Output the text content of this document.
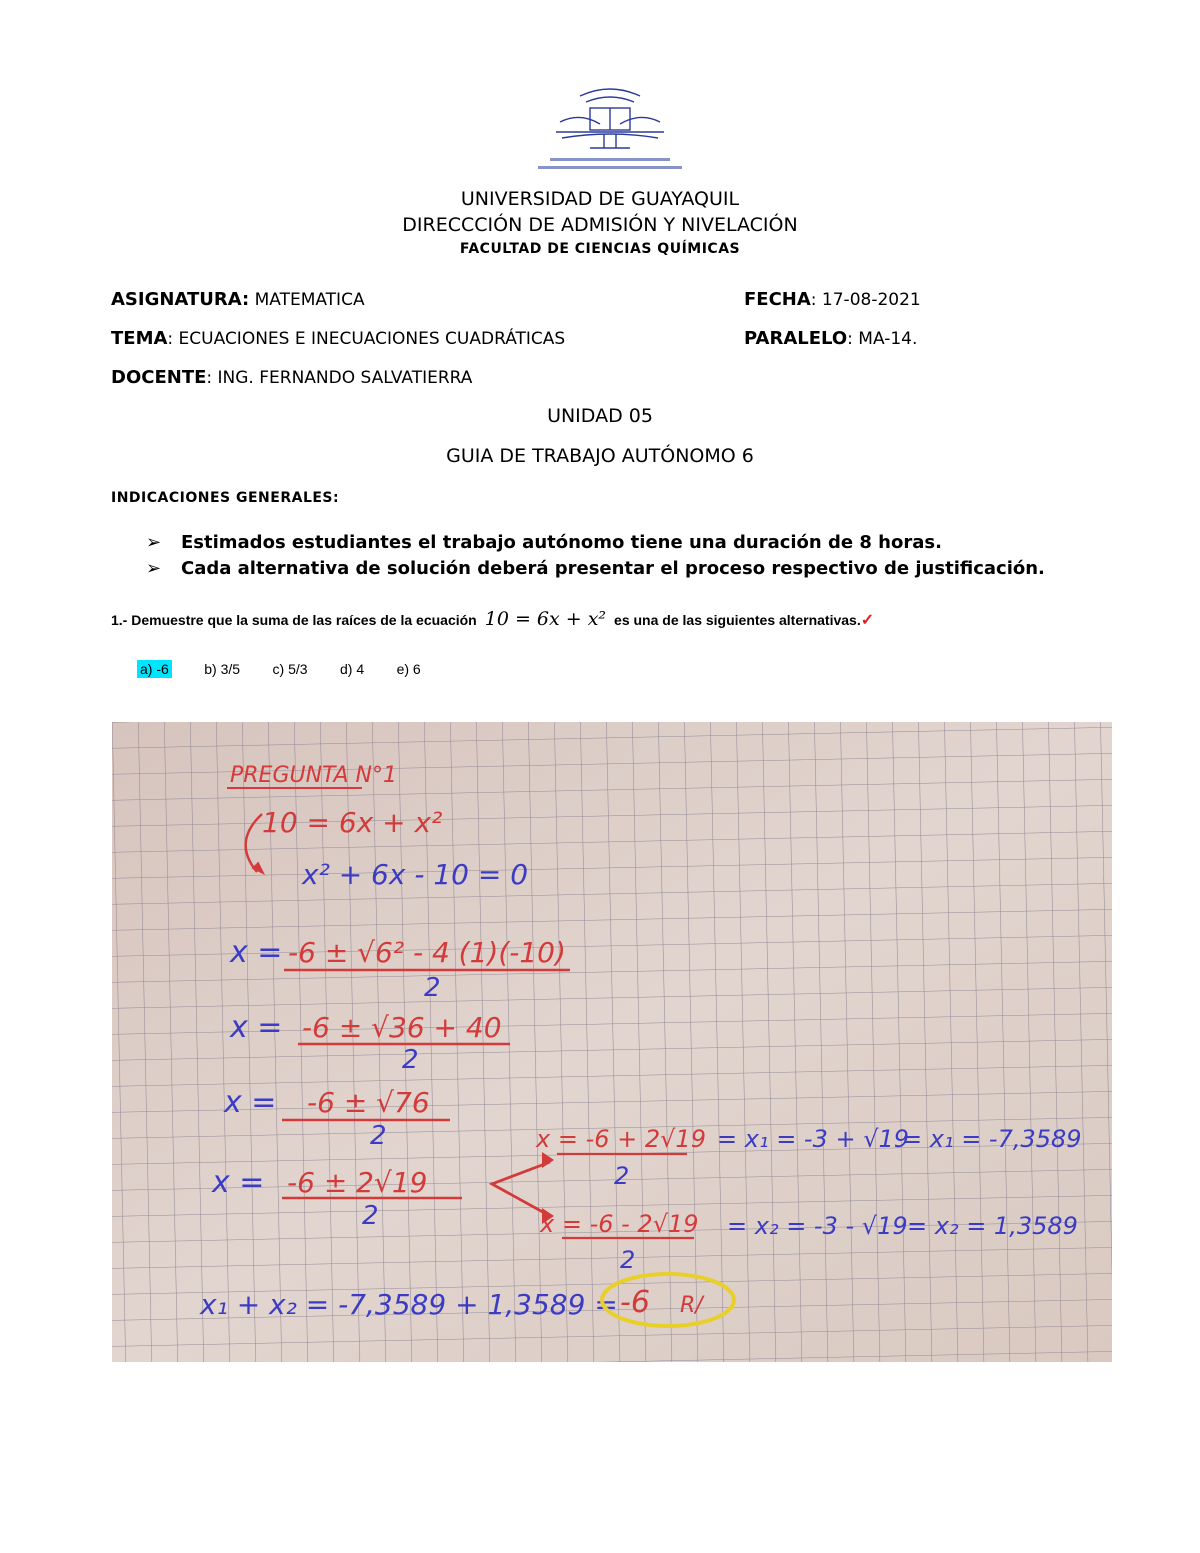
UNIVERSIDAD DE GUAYAQUIL
DIRECCCIÓN DE ADMISIÓN Y NIVELACIÓN
FACULTAD DE CIENCIAS QUÍMICAS
ASIGNATURA: MATEMATICA	FECHA: 17-08-2021
TEMA: ECUACIONES E INECUACIONES CUADRÁTICAS	PARALELO: MA-14.
DOCENTE: ING. FERNANDO SALVATIERRA
UNIDAD 05
GUIA DE TRABAJO AUTÓNOMO 6
INDICACIONES GENERALES:
➢ Estimados estudiantes el trabajo autónomo tiene una duración de 8 horas.
➢ Cada alternativa de solución deberá presentar el proceso respectivo de justificación.
1.- Demuestre que la suma de las raíces de la ecuación 10 = 6x + x² es una de las siguientes alternativas.✓
a) -6	b) 3/5 c) 5/3 d) 4 e) 6
PREGUNTA N°1
10 = 6x + x²
x² + 6x - 10 = 0
x = -6 ± √6² - 4 (1)(-10)
2
x = -6 ± √36 + 40
2
x = -6 ± √76
2
x = -6 ± 2√19
2
x = -6 + 2√19
2
= x₁ = -3 + √19
= x₁ = -7,3589
x = -6 - 2√19
2
= x₂ = -3 - √19 = x₂ = 1,3589
x₁ + x₂ = -7,3589 + 1,3589 = -6 R/
